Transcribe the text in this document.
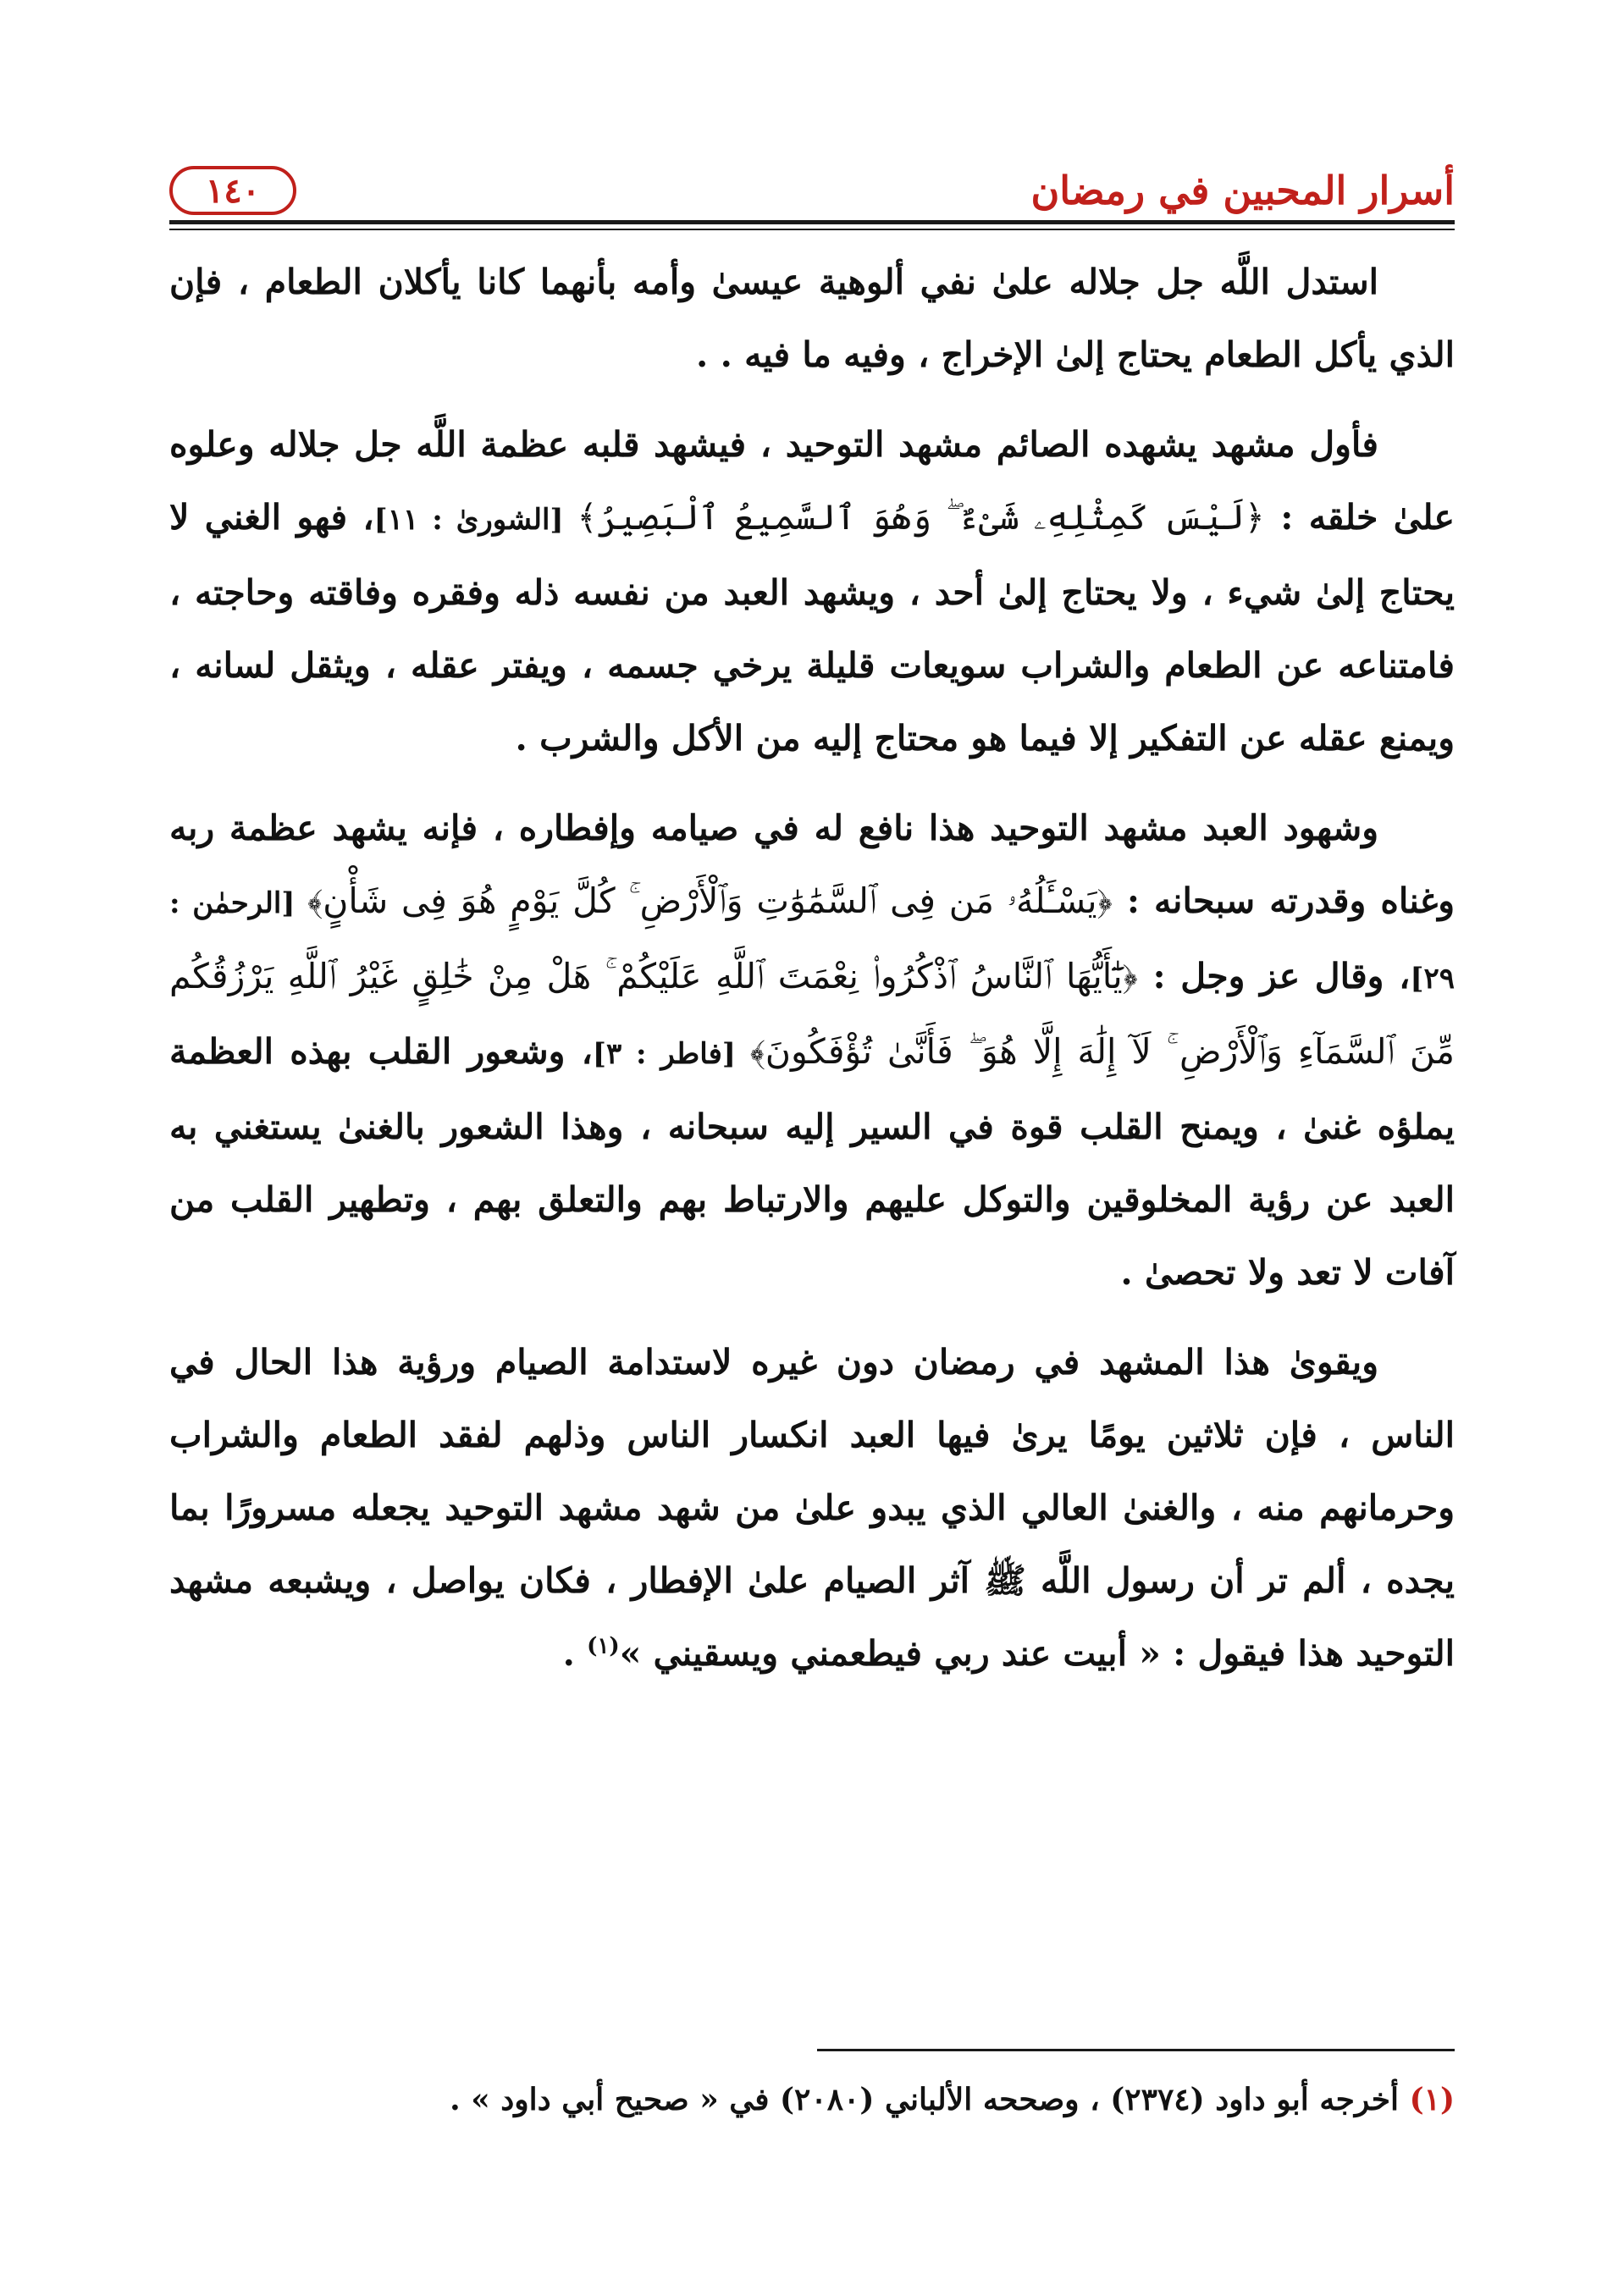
أسرار المحبين في رمضان
١٤٠

استدل اللَّه جل جلاله علىٰ نفي ألوهية عيسىٰ وأمه بأنهما كانا يأكلان الطعام ، فإن الذي يأكل الطعام يحتاج إلىٰ الإخراج ، وفيه ما فيه . .

فأول مشهد يشهده الصائم مشهد التوحيد ، فيشهد قلبه عظمة اللَّه جل جلاله وعلوه علىٰ خلقه : ﴿لَيْسَ كَمِثْلِهِۦ شَىْءٌ ۖ وَهُوَ ٱلسَّمِيعُ ٱلْبَصِيرُ﴾ [الشورىٰ : ١١]، فهو الغني لا يحتاج إلىٰ شيء ، ولا يحتاج إلىٰ أحد ، ويشهد العبد من نفسه ذله وفقره وفاقته وحاجته ، فامتناعه عن الطعام والشراب سويعات قليلة يرخي جسمه ، ويفتر عقله ، ويثقل لسانه ، ويمنع عقله عن التفكير إلا فيما هو محتاج إليه من الأكل والشرب .

وشهود العبد مشهد التوحيد هذا نافع له في صيامه وإفطاره ، فإنه يشهد عظمة ربه وغناه وقدرته سبحانه : ﴿يَسْـَٔلُهُۥ مَن فِى ٱلسَّمَٰوَٰتِ وَٱلْأَرْضِ ۚ كُلَّ يَوْمٍ هُوَ فِى شَأْنٍ﴾ [الرحمٰن : ٢٩]، وقال عز وجل : ﴿يَٰٓأَيُّهَا ٱلنَّاسُ ٱذْكُرُوا۟ نِعْمَتَ ٱللَّهِ عَلَيْكُمْ ۚ هَلْ مِنْ خَٰلِقٍ غَيْرُ ٱللَّهِ يَرْزُقُكُم مِّنَ ٱلسَّمَآءِ وَٱلْأَرْضِ ۚ لَآ إِلَٰهَ إِلَّا هُوَ ۖ فَأَنَّىٰ تُؤْفَكُونَ﴾ [فاطر : ٣]، وشعور القلب بهذه العظمة يملؤه غنىٰ ، ويمنح القلب قوة في السير إليه سبحانه ، وهذا الشعور بالغنىٰ يستغني به العبد عن رؤية المخلوقين والتوكل عليهم والارتباط بهم والتعلق بهم ، وتطهير القلب من آفات لا تعد ولا تحصىٰ .

ويقوىٰ هذا المشهد في رمضان دون غيره لاستدامة الصيام ورؤية هذا الحال في الناس ، فإن ثلاثين يومًا يرىٰ فيها العبد انكسار الناس وذلهم لفقد الطعام والشراب وحرمانهم منه ، والغنىٰ العالي الذي يبدو علىٰ من شهد مشهد التوحيد يجعله مسرورًا بما يجده ، ألم تر أن رسول اللَّه ﷺ آثر الصيام علىٰ الإفطار ، فكان يواصل ، ويشبعه مشهد التوحيد هذا فيقول : « أبيت عند ربي فيطعمني ويسقيني »$^{(١)}$ .

(١) أخرجه أبو داود (٢٣٧٤) ، وصححه الألباني (٢٠٨٠) في « صحيح أبي داود » .
